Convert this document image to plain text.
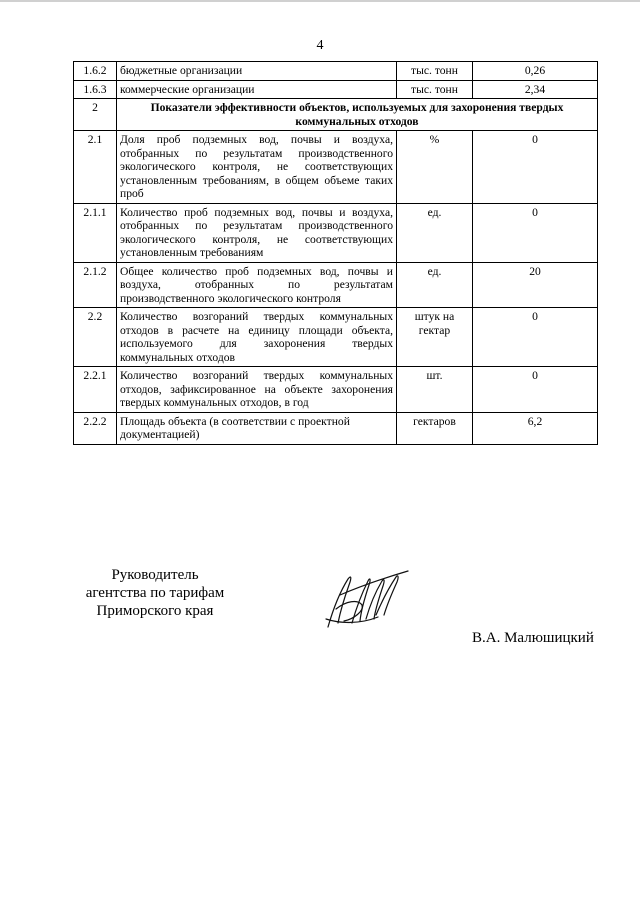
4
1.6.2	бюджетные организации	тыс. тонн	0,26
1.6.3	коммерческие организации	тыс. тонн	2,34
2	Показатели эффективности объектов, используемых для захоронения твердых коммунальных отходов		
2.1	Доля проб подземных вод, почвы и воздуха, отобранных по результатам производственного экологического контроля, не соответствующих установленным требованиям, в общем объеме таких проб	%	0
2.1.1	Количество проб подземных вод, почвы и воздуха, отобранных по результатам производственного экологического контроля, не соответствующих установленным требованиям	ед.	0
2.1.2	Общее количество проб подземных вод, почвы и воздуха, отобранных по результатам производственного экологического контроля	ед.	20
2.2	Количество возгораний твердых коммунальных отходов в расчете на единицу площади объекта, используемого для захоронения твердых коммунальных отходов	штук на гектар	0
2.2.1	Количество возгораний твердых коммунальных отходов, зафиксированное на объекте захоронения твердых коммунальных отходов, в год	шт.	0
2.2.2	Площадь объекта (в соответствии с проектной документацией)	гектаров	6,2
Руководитель
агентства по тарифам
Приморского края
В.А. Малюшицкий
